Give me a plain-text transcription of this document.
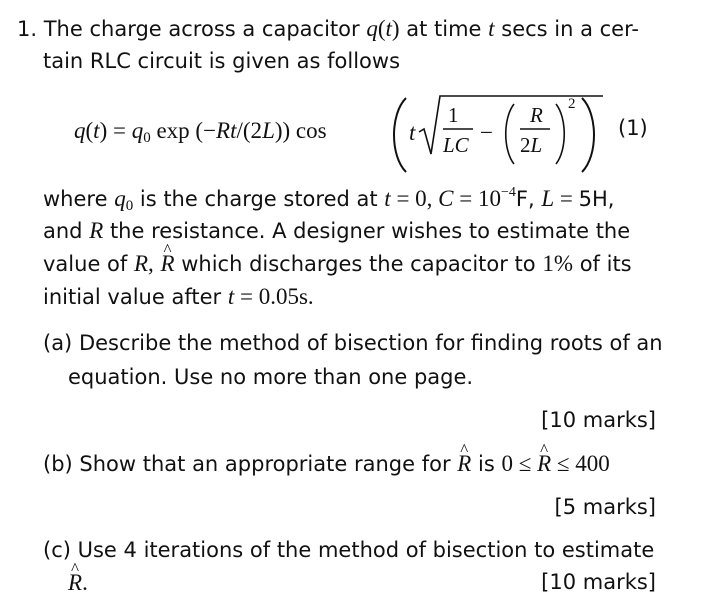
1. The charge across a capacitor q(t) at time t secs in a cer-
tain RLC circuit is given as follows
q(t) = q0 exp (−Rt/(2L)) cos	t
1
LC −
R
2L
2
(1)
where $q_0$ is the charge stored at t = 0, $C = 10^{-4}F$, L = 5H,
and R the resistance. A designer wishes to estimate the
value of R, ^ R which discharges the capacitor to 1% of its
initial value after t = 0.05s.
(a) Describe the method of bisection for finding roots of an
equation. Use no more than one page.
[10 marks]
(b) Show that an appropriate range for ^ R is 0 ≤ ^ R ≤ 400
[5 marks]
(c) Use 4 iterations of the method of bisection to estimate
^ R.	[10 marks]
